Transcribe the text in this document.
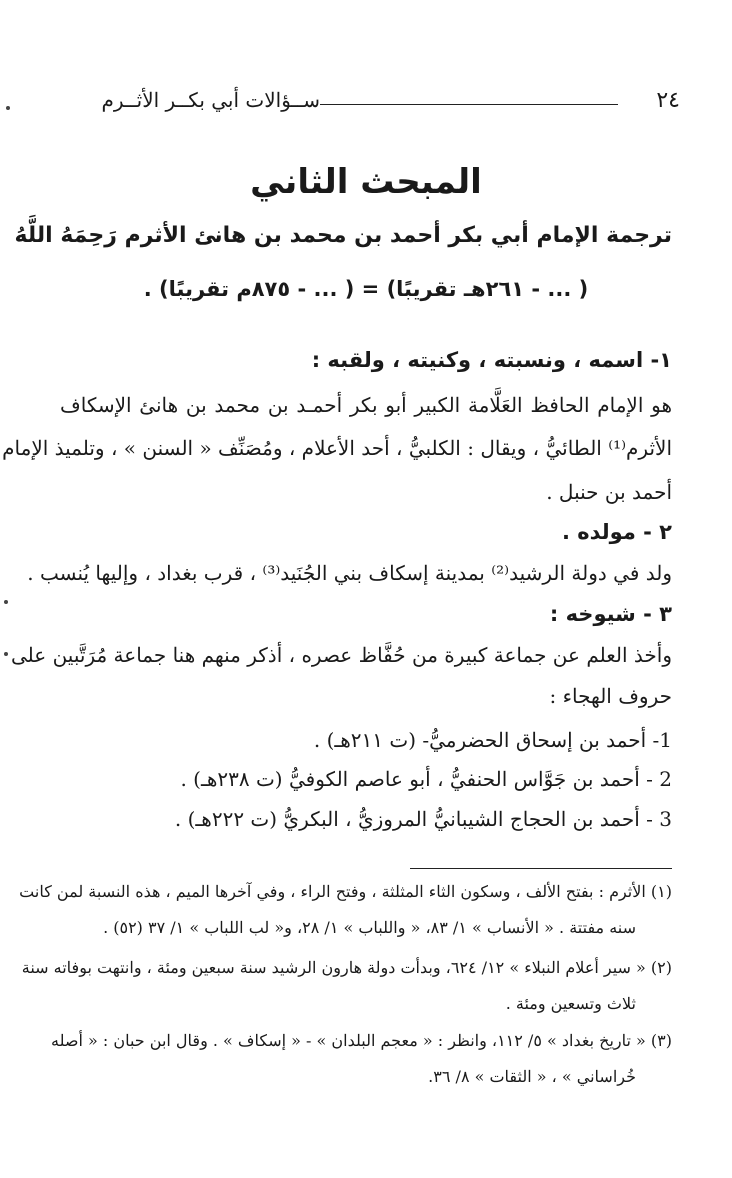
٢٤
ســؤالات أبي بكــر الأثــرم
المبحث الثاني
ترجمة الإمام أبي بكر أحمد بن محمد بن هانئ الأثرم رَحِمَهُ اللَّهُ
( ... - ٢٦١هـ تقريبًا) = ( ... - ٨٧٥م تقريبًا) .
١- اسمه ، ونسبته ، وكنيته ، ولقبه :
هو الإمام الحافظ العَلَّامة الكبير أبو بكر أحمـد بن محمد بن هانئ الإسكاف
الأثرم⁽¹⁾ الطائيُّ ، ويقال : الكلبيُّ ، أحد الأعلام ، ومُصَنِّف « السنن » ، وتلميذ الإمام
أحمد بن حنبل .
٢ - مولده .
ولد في دولة الرشيد⁽²⁾ بمدينة إسكاف بني الجُنَيد⁽³⁾ ، قرب بغداد ، وإليها يُنسب .
٣ - شيوخه :
وأخذ العلم عن جماعة كبيرة من حُفَّاظ عصره ، أذكر منهم هنا جماعة مُرَتَّبين على
حروف الهجاء :
1- أحمد بن إسحاق الحضرميُّ- (ت ٢١١هـ) .
2 - أحمد بن جَوَّاس الحنفيُّ ، أبو عاصم الكوفيُّ (ت ٢٣٨هـ) .
3 - أحمد بن الحجاج الشيبانيُّ المروزيُّ ، البكريُّ (ت ٢٢٢هـ) .
(١) الأثرم : بفتح الألف ، وسكون الثاء المثلثة ، وفتح الراء ، وفي آخرها الميم ، هذه النسبة لمن كانت
سنه مفتتة . « الأنساب » ١/ ٨٣، « واللباب » ١/ ٢٨، و« لب اللباب » ١/ ٣٧ (٥٢) .
(٢) « سير أعلام النبلاء » ١٢/ ٦٢٤، وبدأت دولة هارون الرشيد سنة سبعين ومئة ، وانتهت بوفاته سنة
ثلاث وتسعين ومئة .
(٣) « تاريخ بغداد » ٥/ ١١٢، وانظر : « معجم البلدان » - « إسكاف » . وقال ابن حبان : « أصله
خُراساني » ، « الثقات » ٨/ ٣٦.
